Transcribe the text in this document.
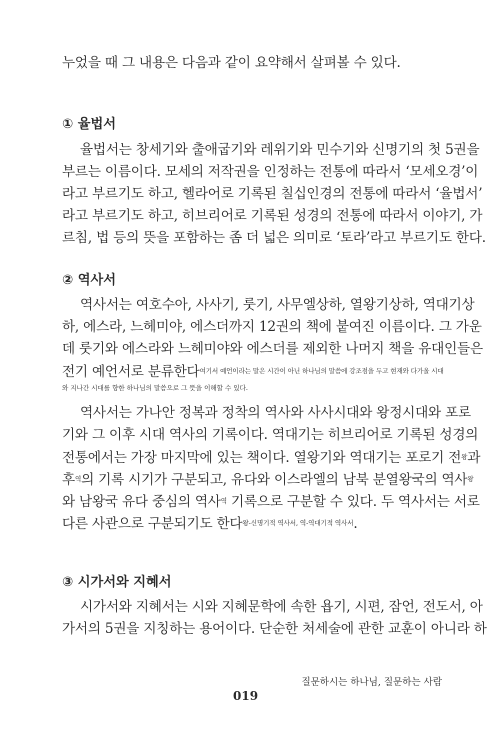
누었을 때 그 내용은 다음과 같이 요약해서 살펴볼 수 있다.
① 율법서
율법서는 창세기와 출애굽기와 레위기와 민수기와 신명기의 첫 5권을
부르는 이름이다. 모세의 저작권을 인정하는 전통에 따라서 ‘모세오경’이
라고 부르기도 하고, 헬라어로 기록된 칠십인경의 전통에 따라서 ‘율법서’
라고 부르기도 하고, 히브리어로 기록된 성경의 전통에 따라서 이야기, 가
르침, 법 등의 뜻을 포함하는 좀 더 넓은 의미로 ‘토라’라고 부르기도 한다.
② 역사서
역사서는 여호수아, 사사기, 룻기, 사무엘상하, 열왕기상하, 역대기상
하, 에스라, 느헤미야, 에스더까지 12권의 책에 붙여진 이름이다. 그 가운
데 룻기와 에스라와 느헤미야와 에스더를 제외한 나머지 책을 유대인들은
전기 예언서로 분류한다$^{여기서 예언이라는 말은 시간이 아닌 하나님의 말씀에 강조점을 두고 현재와 다가올 시대}$
와 지나간 시대를 향한 하나님의 말씀으로 그 뜻을 이해할 수 있다.
역사서는 가나안 정복과 정착의 역사와 사사시대와 왕정시대와 포로
기와 그 이후 시대 역사의 기록이다. 역대기는 히브리어로 기록된 성경의
전통에서는 가장 마지막에 있는 책이다. 열왕기와 역대기는 포로기 전$^왕$과
후$^역$의 기록 시기가 구분되고, 유다와 이스라엘의 남북 분열왕국의 역사$^왕$
와 남왕국 유다 중심의 역사$^역$ 기록으로 구분할 수 있다. 두 역사서는 서로
다른 사관으로 구분되기도 한다$^{왕-신명기적 역사서, 역-역대기적 역사서}$.
③ 시가서와 지혜서
시가서와 지혜서는 시와 지혜문학에 속한 욥기, 시편, 잠언, 전도서, 아
가서의 5권을 지칭하는 용어이다. 단순한 처세술에 관한 교훈이 아니라 하
질문하시는 하나님, 질문하는 사람
019
